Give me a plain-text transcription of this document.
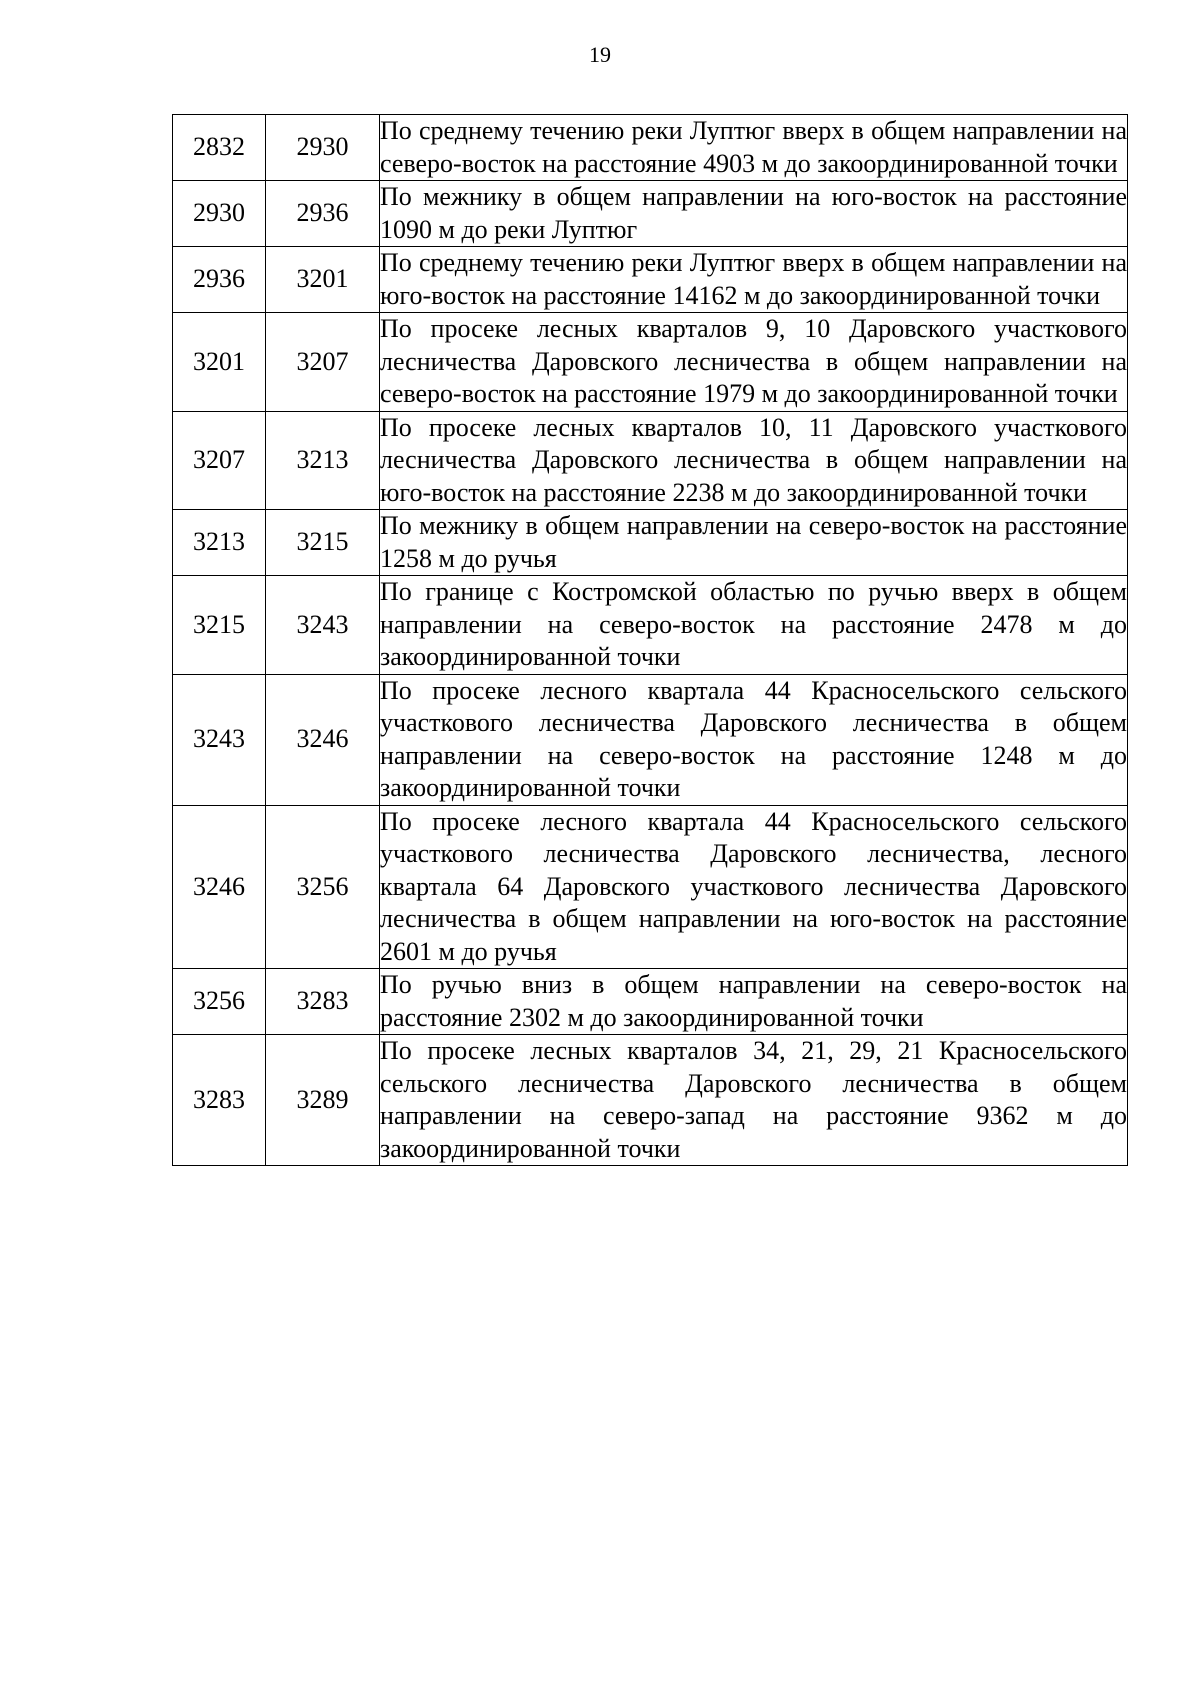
19
2832	2930	По среднему течению реки Луптюг вверх в общем направлении на северо-восток на расстояние 4903 м до закоординированной точки
2930	2936	По межнику в общем направлении на юго-восток на расстояние 1090 м до реки Луптюг
2936	3201	По среднему течению реки Луптюг вверх в общем направлении на юго-восток на расстояние 14162 м до закоординированной точки
3201	3207	По просеке лесных кварталов 9, 10 Даровского участкового лесничества Даровского лесничества в общем направлении на северо-восток на расстояние 1979 м до закоординированной точки
3207	3213	По просеке лесных кварталов 10, 11 Даровского участкового лесничества Даровского лесничества в общем направлении на юго-восток на расстояние 2238 м до закоординированной точки
3213	3215	По межнику в общем направлении на северо-восток на расстояние 1258 м до ручья
3215	3243	По границе с Костромской областью по ручью вверх в общем направлении на северо-восток на расстояние 2478 м до закоординированной точки
3243	3246	По просеке лесного квартала 44 Красносельского сельского участкового лесничества Даровского лесничества в общем направлении на северо-восток на расстояние 1248 м до закоординированной точки
3246	3256	По просеке лесного квартала 44 Красносельского сельского участкового лесничества Даровского лесничества, лесного квартала 64 Даровского участкового лесничества Даровского лесничества в общем направлении на юго-восток на расстояние 2601 м до ручья
3256	3283	По ручью вниз в общем направлении на северо-восток на расстояние 2302 м до закоординированной точки
3283	3289	По просеке лесных кварталов 34, 21, 29, 21 Красносельского сельского лесничества Даровского лесничества в общем направлении на северо-запад на расстояние 9362 м до закоординированной точки
